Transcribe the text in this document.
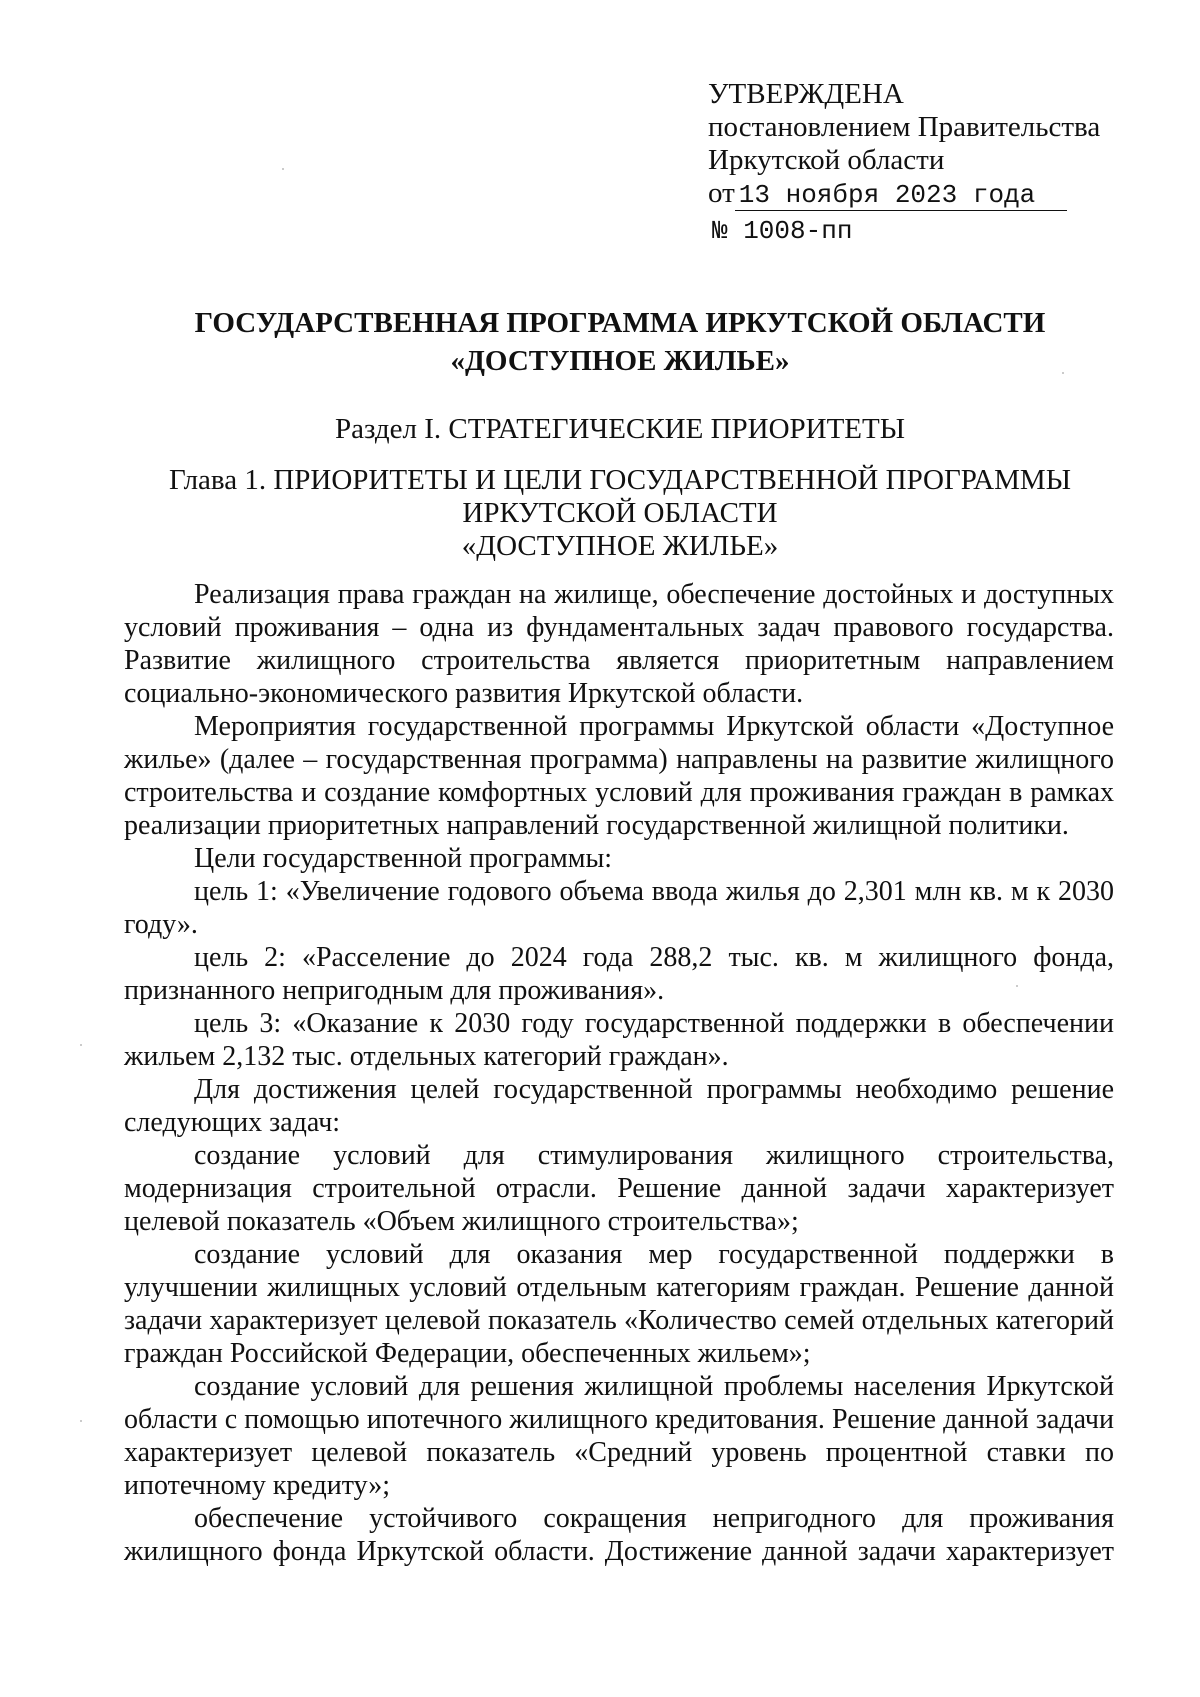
УТВЕРЖДЕНА
постановлением Правительства
Иркутской области
от 13 ноября 2023 года
№ 1008-пп
ГОСУДАРСТВЕННАЯ ПРОГРАММА ИРКУТСКОЙ ОБЛАСТИ
«ДОСТУПНОЕ ЖИЛЬЕ»
Раздел I. СТРАТЕГИЧЕСКИЕ ПРИОРИТЕТЫ
Глава 1. ПРИОРИТЕТЫ И ЦЕЛИ ГОСУДАРСТВЕННОЙ ПРОГРАММЫ
ИРКУТСКОЙ ОБЛАСТИ
«ДОСТУПНОЕ ЖИЛЬЕ»

Реализация права граждан на жилище, обеспечение достойных и доступных условий проживания – одна из фундаментальных задач правового государства. Развитие жилищного строительства является приоритетным направлением социально-экономического развития Иркутской области.

Мероприятия государственной программы Иркутской области «Доступное жилье» (далее – государственная программа) направлены на развитие жилищного строительства и создание комфортных условий для проживания граждан в рамках реализации приоритетных направлений государственной жилищной политики.

Цели государственной программы:

цель 1: «Увеличение годового объема ввода жилья до 2,301 млн кв. м к 2030 году».

цель 2: «Расселение до 2024 года 288,2 тыс. кв. м жилищного фонда, признанного непригодным для проживания».

цель 3: «Оказание к 2030 году государственной поддержки в обеспечении жильем 2,132 тыс. отдельных категорий граждан».

Для достижения целей государственной программы необходимо решение следующих задач:

создание условий для стимулирования жилищного строительства, модернизация строительной отрасли. Решение данной задачи характеризует целевой показатель «Объем жилищного строительства»;

создание условий для оказания мер государственной поддержки в улучшении жилищных условий отдельным категориям граждан. Решение данной задачи характеризует целевой показатель «Количество семей отдельных категорий граждан Российской Федерации, обеспеченных жильем»;

создание условий для решения жилищной проблемы населения Иркутской области с помощью ипотечного жилищного кредитования. Решение данной задачи характеризует целевой показатель «Средний уровень процентной ставки по ипотечному кредиту»;

обеспечение устойчивого сокращения непригодного для проживания жилищного фонда Иркутской области. Достижение данной задачи характеризует
